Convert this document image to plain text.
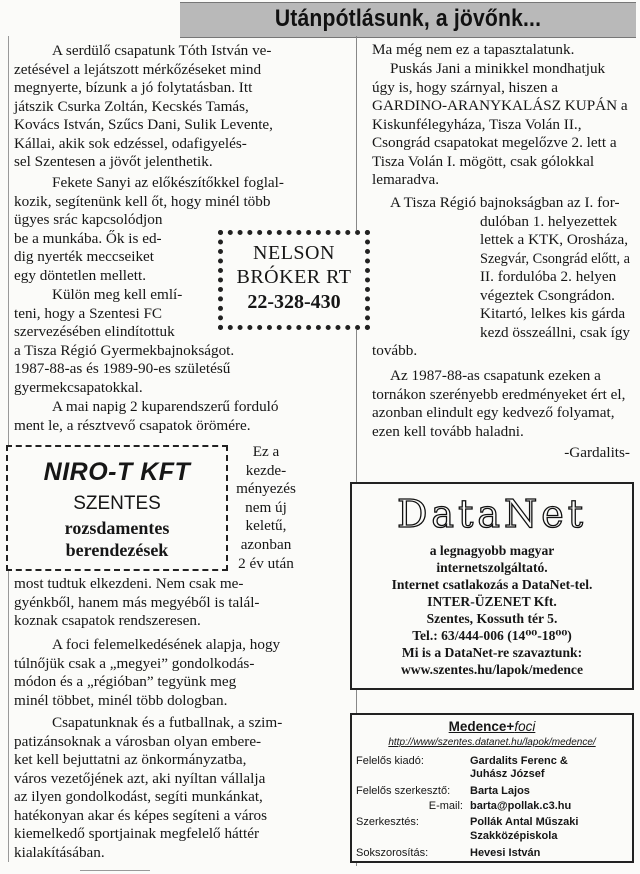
Utánpótlásunk, a jövőnk...
A serdülő csapatunk Tóth István ve-
zetésével a lejátszott mérkőzéseket mind
megnyerte, bízunk a jó folytatásban. Itt
játszik Csurka Zoltán, Kecskés Tamás,
Kovács István, Szűcs Dani, Sulik Levente,
Kállai, akik sok edzéssel, odafigyelés-
sel Szentesen a jövőt jelenthetik.
Fekete Sanyi az előkészítőkkel foglal-
kozik, segítenünk kell őt, hogy minél több
ügyes srác kapcsolódjon
be a munkába. Ők is ed-
dig nyerték meccseiket
egy döntetlen mellett.
Külön meg kell emlí-
teni, hogy a Szentesi FC
szervezésében elindítottuk
a Tisza Régió Gyermekbajnokságot.
1987-88-as és 1989-90-es születésű
gyermekcsapatokkal.
A mai napig 2 kuparendszerű forduló
ment le, a résztvevő csapatok örömére.
Ez a
kezde-
ményezés
nem új
keletű,
azonban
2 év után
most tudtuk elkezdeni. Nem csak me-
gyénkből, hanem más megyéből is talál-
koznak csapatok rendszeresen.
A foci felemelkedésének alapja, hogy
túlnőjük csak a „megyei” gondolkodás-
módon és a „régióban” tegyünk meg
minél többet, minél több dologban.
Csapatunknak és a futballnak, a szim-
patizánsoknak a városban olyan embere-
ket kell bejuttatni az önkormányzatba,
város vezetőjének azt, aki nyíltan vállalja
az ilyen gondolkodást, segíti munkánkat,
hatékonyan akar és képes segíteni a város
kiemelkedő sportjainak megfelelő háttér
kialakításában.
Ma még nem ez a tapasztalatunk.
Puskás Jani a minikkel mondhatjuk
úgy is, hogy szárnyal, hiszen a
GARDINO-ARANYKALÁSZ KUPÁN a
Kiskunfélegyháza, Tisza Volán II.,
Csongrád csapatokat megelőzve 2. lett a
Tisza Volán I. mögött, csak gólokkal
lemaradva.
A Tisza Régió bajnokságban az I. for-
dulóban 1. helyezettek
lettek a KTK, Orosháza,
Szegvár, Csongrád előtt, a
II. fordulóba 2. helyen
végeztek Csongrádon.
Kitartó, lelkes kis gárda
kezd összeállni, csak így
tovább.
Az 1987-88-as csapatunk ezeken a
tornákon szerényebb eredményeket ért el,
azonban elindult egy kedvező folyamat,
ezen kell tovább haladni.
-Gardalits-
NELSON
BRÓKER RT
22-328-430
NIRO-T KFT
SZENTES
rozsdamentes
berendezések
DataNet
a legnagyobb magyar
internetszolgáltató.
Internet csatlakozás a DataNet-tel.
INTER-ÜZENET Kft.
Szentes, Kossuth tér 5.
Tel.: 63/444-006 (14⁰⁰-18⁰⁰)
Mi is a DataNet-re szavaztunk:
www.szentes.hu/lapok/medence
Medence+foci
http://www/szentes.datanet.hu/lapok/medence/
Felelős kiadó:	Gardalits Ferenc &
Juhász József
Felelős szerkesztő:	Barta Lajos
E-mail: barta@pollak.c3.hu
Szerkesztés:	Pollák Antal Műszaki
Szakközépiskola
Sokszorosítás:	Hevesi István
